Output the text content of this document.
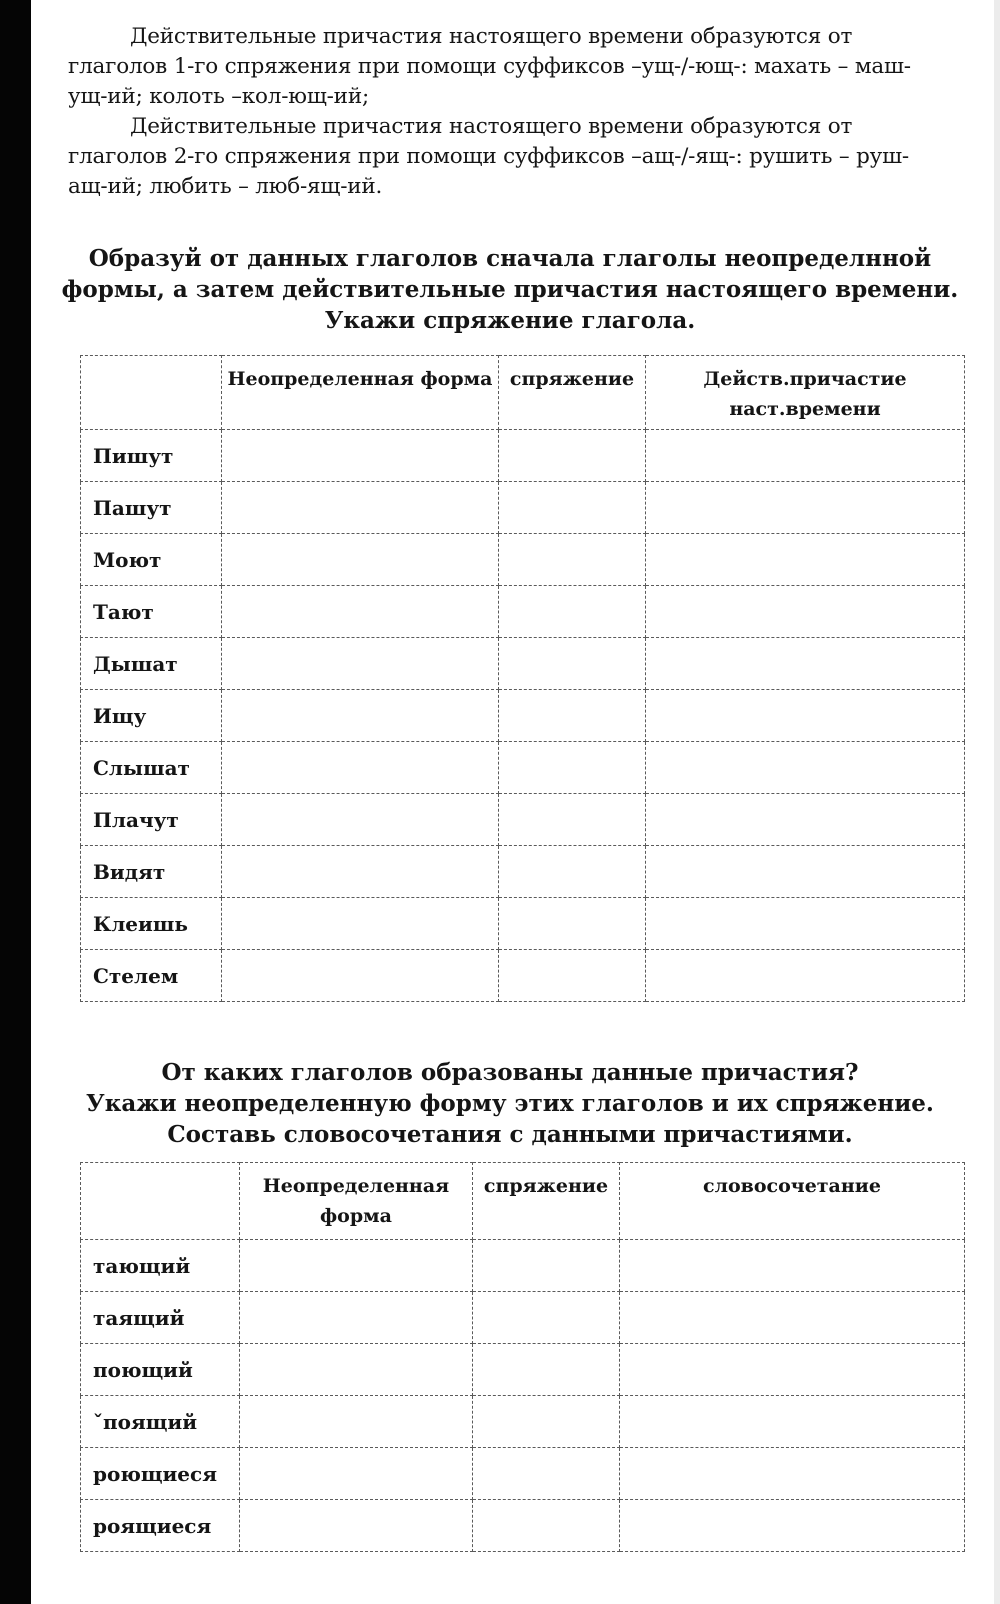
Действительные причастия настоящего времени образуются от глаголов 1-го спряжения при помощи суффиксов –ущ-/-ющ-: махать – маш-ущ-ий; колоть –кол-ющ-ий;

Действительные причастия настоящего времени образуются от глаголов 2-го спряжения при помощи суффиксов –ащ-/-ящ-: рушить – руш-ащ-ий; любить – люб-ящ-ий.

Образуй от данных глаголов сначала глаголы неопределнной
формы, а затем действительные причастия настоящего времени.
Укажи спряжение глагола.
	Неопределенная форма	спряжение	Действ.причастие наст.времени
Пишут			
Пашут			
Моют			
Тают			
Дышат			
Ищу			
Слышат			
Плачут			
Видят			
Клеишь			
Стелем			
От каких глаголов образованы данные причастия?
Укажи неопределенную форму этих глаголов и их спряжение.
Составь словосочетания с данными причастиями.
	Неопределенная форма	спряжение	словосочетание
тающий			
таящий			
поющий			
ˇпоящий			
роющиеся			
роящиеся			
